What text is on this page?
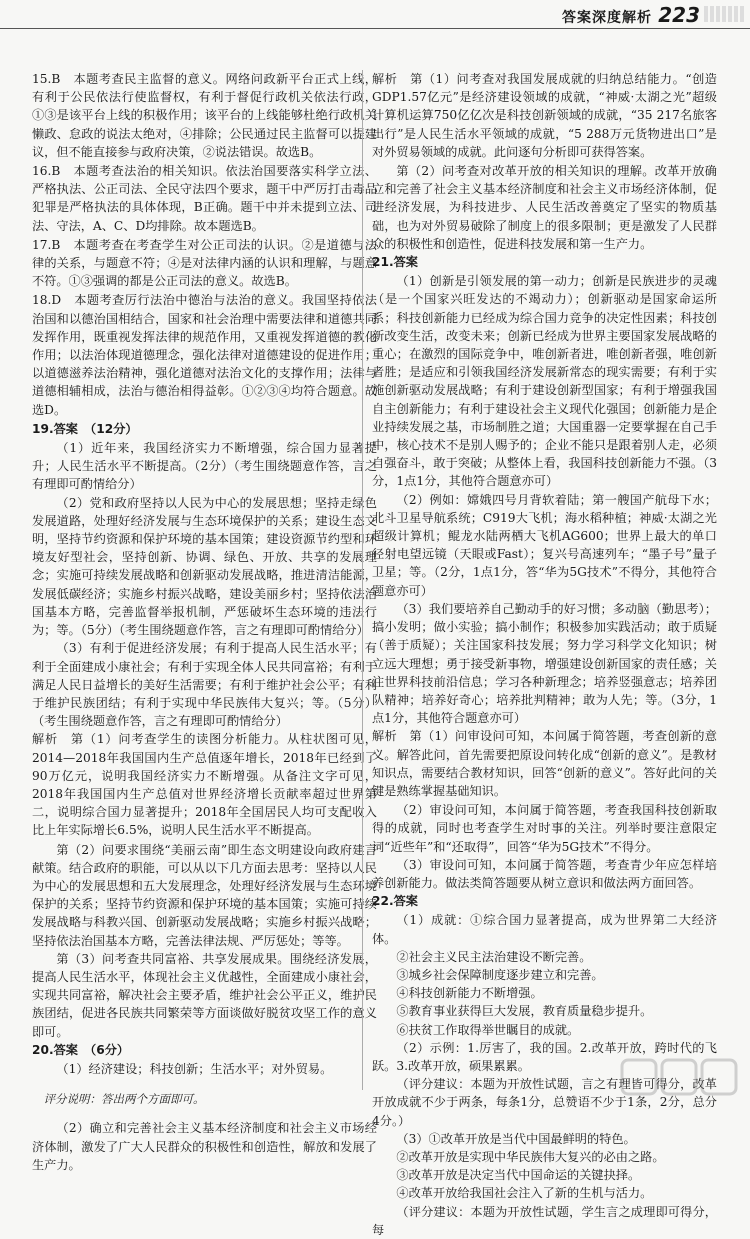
答案深度解析 223

15.B　本题考查民主监督的意义。网络问政新平台正式上线，有利于公民依法行使监督权，有利于督促行政机关依法行政，①③是该平台上线的积极作用；该平台的上线能够杜绝行政机关懒政、怠政的说法太绝对，④排除；公民通过民主监督可以提建议，但不能直接参与政府决策，②说法错误。故选B。

16.B　本题考查法治的相关知识。依法治国要落实科学立法、严格执法、公正司法、全民守法四个要求，题干中严厉打击毒品犯罪是严格执法的具体体现，B正确。题干中并未提到立法、司法、守法，A、C、D均排除。故本题选B。

17.B　本题考查在考查学生对公正司法的认识。②是道德与法律的关系，与题意不符；④是对法律内涵的认识和理解，与题意不符。①③强调的都是公正司法的意义。故选B。

18.D　本题考查厉行法治中德治与法治的意义。我国坚持依法治国和以德治国相结合，国家和社会治理中需要法律和道德共同发挥作用，既重视发挥法律的规范作用，又重视发挥道德的教化作用；以法治体现道德理念，强化法律对道德建设的促进作用；以道德滋养法治精神，强化道德对法治文化的支撑作用；法律与道德相辅相成，法治与德治相得益彰。①②③④均符合题意。故选D。

19.答案　（12分）

（1）近年来，我国经济实力不断增强，综合国力显著提升；人民生活水平不断提高。（2分）（考生围绕题意作答，言之有理即可酌情给分）

（2）党和政府坚持以人民为中心的发展思想；坚持走绿色发展道路，处理好经济发展与生态环境保护的关系；建设生态文明，坚持节约资源和保护环境的基本国策；建设资源节约型和环境友好型社会，坚持创新、协调、绿色、开放、共享的发展理念；实施可持续发展战略和创新驱动发展战略，推进清洁能源，发展低碳经济；实施乡村振兴战略，建设美丽乡村；坚持依法治国基本方略，完善监督举报机制，严惩破坏生态环境的违法行为；等。（5分）（考生围绕题意作答，言之有理即可酌情给分）

（3）有利于促进经济发展；有利于提高人民生活水平；有利于全面建成小康社会；有利于实现全体人民共同富裕；有利于满足人民日益增长的美好生活需要；有利于维护社会公平；有利于维护民族团结；有利于实现中华民族伟大复兴；等。（5分）（考生围绕题意作答，言之有理即可酌情给分）

解析　第（1）问考查学生的读图分析能力。从柱状图可见，2014—2018年我国国内生产总值逐年增长，2018年已经到了90万亿元，说明我国经济实力不断增强。从备注文字可见，2018年我国国内生产总值对世界经济增长贡献率超过世界第二，说明综合国力显著提升；2018年全国居民人均可支配收入比上年实际增长6.5%，说明人民生活水平不断提高。

第（2）问要求围绕“美丽云南”即生态文明建设向政府建言献策。结合政府的职能，可以从以下几方面去思考：坚持以人民为中心的发展思想和五大发展理念，处理好经济发展与生态环境保护的关系；坚持节约资源和保护环境的基本国策；实施可持续发展战略与科教兴国、创新驱动发展战略；实施乡村振兴战略；坚持依法治国基本方略，完善法律法规、严厉惩处；等等。

第（3）问考查共同富裕、共享发展成果。围绕经济发展，提高人民生活水平，体现社会主义优越性，全面建成小康社会，实现共同富裕，解决社会主要矛盾，维护社会公平正义，维护民族团结，促进各民族共同繁荣等方面谈做好脱贫攻坚工作的意义即可。

20.答案　（6分）

（1）经济建设；科技创新；生活水平；对外贸易。

评分说明：答出两个方面即可。

（2）确立和完善社会主义基本经济制度和社会主义市场经济体制，激发了广大人民群众的积极性和创造性，解放和发展了生产力。

解析　第（1）问考查对我国发展成就的归纳总结能力。“创造GDP1.57亿元”是经济建设领域的成就，“神威·太湖之光”超级计算机运算750亿亿次是科技创新领域的成就，“35 217名旅客出行”是人民生活水平领域的成就，“5 288万元货物进出口”是对外贸易领域的成就。此问逐句分析即可获得答案。

第（2）问考查对改革开放的相关知识的理解。改革开放确立和完善了社会主义基本经济制度和社会主义市场经济体制，促进经济发展，为科技进步、人民生活改善奠定了坚实的物质基础，也为对外贸易破除了制度上的很多限制；更是激发了人民群众的积极性和创造性，促进科技发展和第一生产力。

21.答案

（1）创新是引领发展的第一动力；创新是民族进步的灵魂（是一个国家兴旺发达的不竭动力）；创新驱动是国家命运所系；科技创新能力已经成为综合国力竞争的决定性因素；科技创新改变生活，改变未来；创新已经成为世界主要国家发展战略的重心；在激烈的国际竞争中，唯创新者进，唯创新者强，唯创新者胜；是适应和引领我国经济发展新常态的现实需要；有利于实施创新驱动发展战略；有利于建设创新型国家；有利于增强我国自主创新能力；有利于建设社会主义现代化强国；创新能力是企业持续发展之基，市场制胜之道；大国重器一定要掌握在自己手中，核心技术不是别人赐予的；企业不能只是跟着别人走，必须自强奋斗，敢于突破；从整体上看，我国科技创新能力不强。（3分，1点1分，其他符合题意亦可）

（2）例如：嫦娥四号月背软着陆；第一艘国产航母下水；北斗卫星导航系统；C919大飞机；海水稻种植；神威·太湖之光超级计算机；鲲龙水陆两栖大飞机AG600；世界上最大的单口径射电望远镜（天眼或Fast）；复兴号高速列车；“墨子号”量子卫星；等。（2分，1点1分，答“华为5G技术”不得分，其他符合题意亦可）

（3）我们要培养自己勤动手的好习惯；多动脑（勤思考）；搞小发明；做小实验；搞小制作；积极参加实践活动；敢于质疑（善于质疑）；关注国家科技发展；努力学习科学文化知识；树立远大理想；勇于接受新事物，增强建设创新国家的责任感；关注世界科技前沿信息；学习各种新理念；培养竖强意志；培养团队精神；培养好奇心；培养批判精神；敢为人先；等。（3分，1点1分，其他符合题意亦可）

解析　第（1）问审设问可知，本问属于简答题，考查创新的意义。解答此问，首先需要把原设问转化成“创新的意义”。是教材知识点，需要结合教材知识，回答“创新的意义”。答好此问的关键是熟练掌握基础知识。

（2）审设问可知，本问属于简答题，考查我国科技创新取得的成就，同时也考查学生对时事的关注。列举时要注意限定词“近些年”和“还取得”，回答“华为5G技术”不得分。

（3）审设问可知，本问属于简答题，考查青少年应怎样培养创新能力。做法类简答题要从树立意识和做法两方面回答。

22.答案

（1）成就：①综合国力显著提高，成为世界第二大经济体。

②社会主义民主法治建设不断完善。

③城乡社会保障制度逐步建立和完善。

④科技创新能力不断增强。

⑤教育事业获得巨大发展，教育质量稳步提升。

⑥扶贫工作取得举世瞩目的成就。

（2）示例：1.厉害了，我的国。2.改革开放，跨时代的飞跃。3.改革开放，硕果累累。

（评分建议：本题为开放性试题，言之有理皆可得分，改革开放成就不少于两条，每条1分，总赞语不少于1条，2分，总分4分。）

（3）①改革开放是当代中国最鲜明的特色。

②改革开放是实现中华民族伟大复兴的必由之路。

③改革开放是决定当代中国命运的关键抉择。

④改革开放给我国社会注入了新的生机与活力。

（评分建议：本题为开放性试题，学生言之成理即可得分，每
